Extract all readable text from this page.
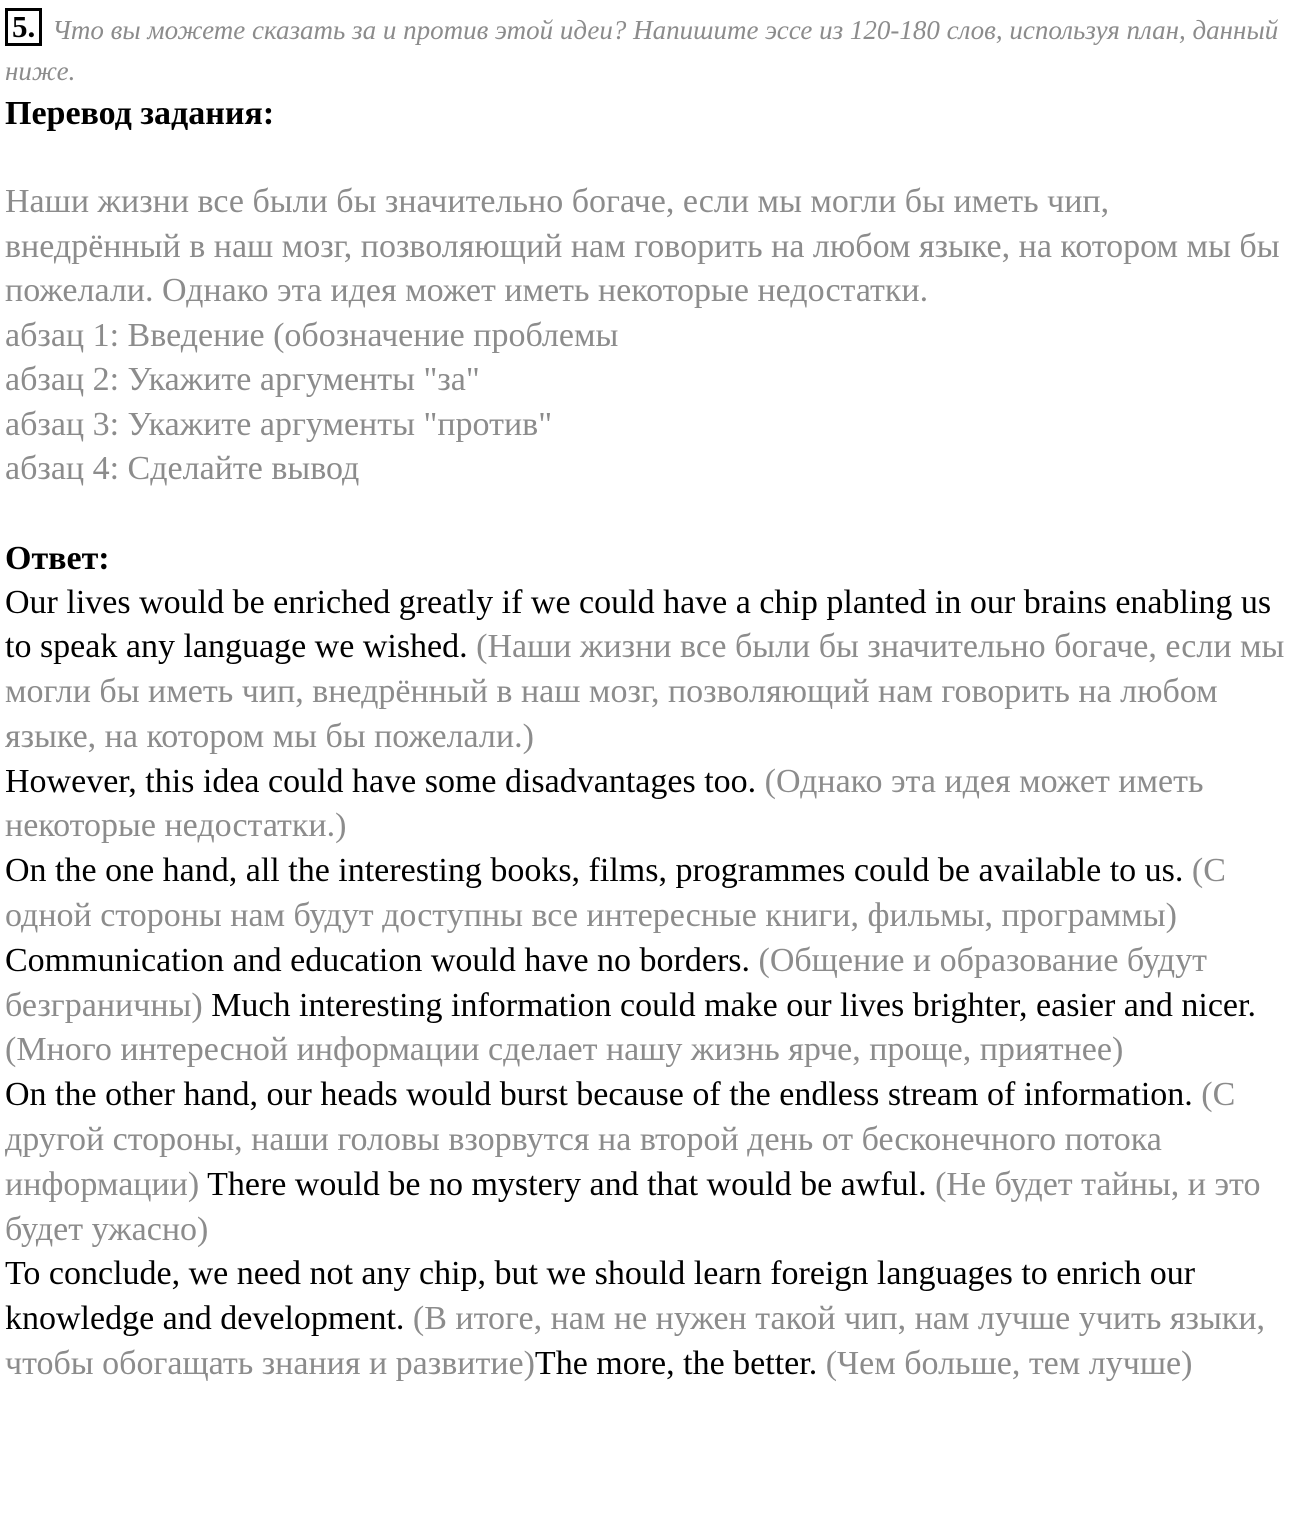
5. Что вы можете сказать за и против этой идеи? Напишите эссе из 120-180 слов, используя план, данный ниже.

Перевод задания:

Наши жизни все были бы значительно богаче, если мы могли бы иметь чип, внедрённый в наш мозг, позволяющий нам говорить на любом языке, на котором мы бы пожелали. Однако эта идея может иметь некоторые недостатки.

абзац 1: Введение (обозначение проблемы

абзац 2: Укажите аргументы "за"

абзац 3: Укажите аргументы "против"

абзац 4: Сделайте вывод

Ответ:

Our lives would be enriched greatly if we could have a chip planted in our brains enabling us to speak any language we wished. (Наши жизни все были бы значительно богаче, если мы могли бы иметь чип, внедрённый в наш мозг, позволяющий нам говорить на любом языке, на котором мы бы пожелали.)

However, this idea could have some disadvantages too. (Однако эта идея может иметь некоторые недостатки.)

On the one hand, all the interesting books, films, programmes could be available to us. (С одной стороны нам будут доступны все интересные книги, фильмы, программы) Communication and education would have no borders. (Общение и образование будут безграничны) Much interesting information could make our lives brighter, easier and nicer. (Много интересной информации сделает нашу жизнь ярче, проще, приятнее)

On the other hand, our heads would burst because of the endless stream of information. (С другой стороны, наши головы взорвутся на второй день от бесконечного потока информации) There would be no mystery and that would be awful. (Не будет тайны, и это будет ужасно)

To conclude, we need not any chip, but we should learn foreign languages to enrich our knowledge and development. (В итоге, нам не нужен такой чип, нам лучше учить языки, чтобы обогащать знания и развитие)The more, the better. (Чем больше, тем лучше)
